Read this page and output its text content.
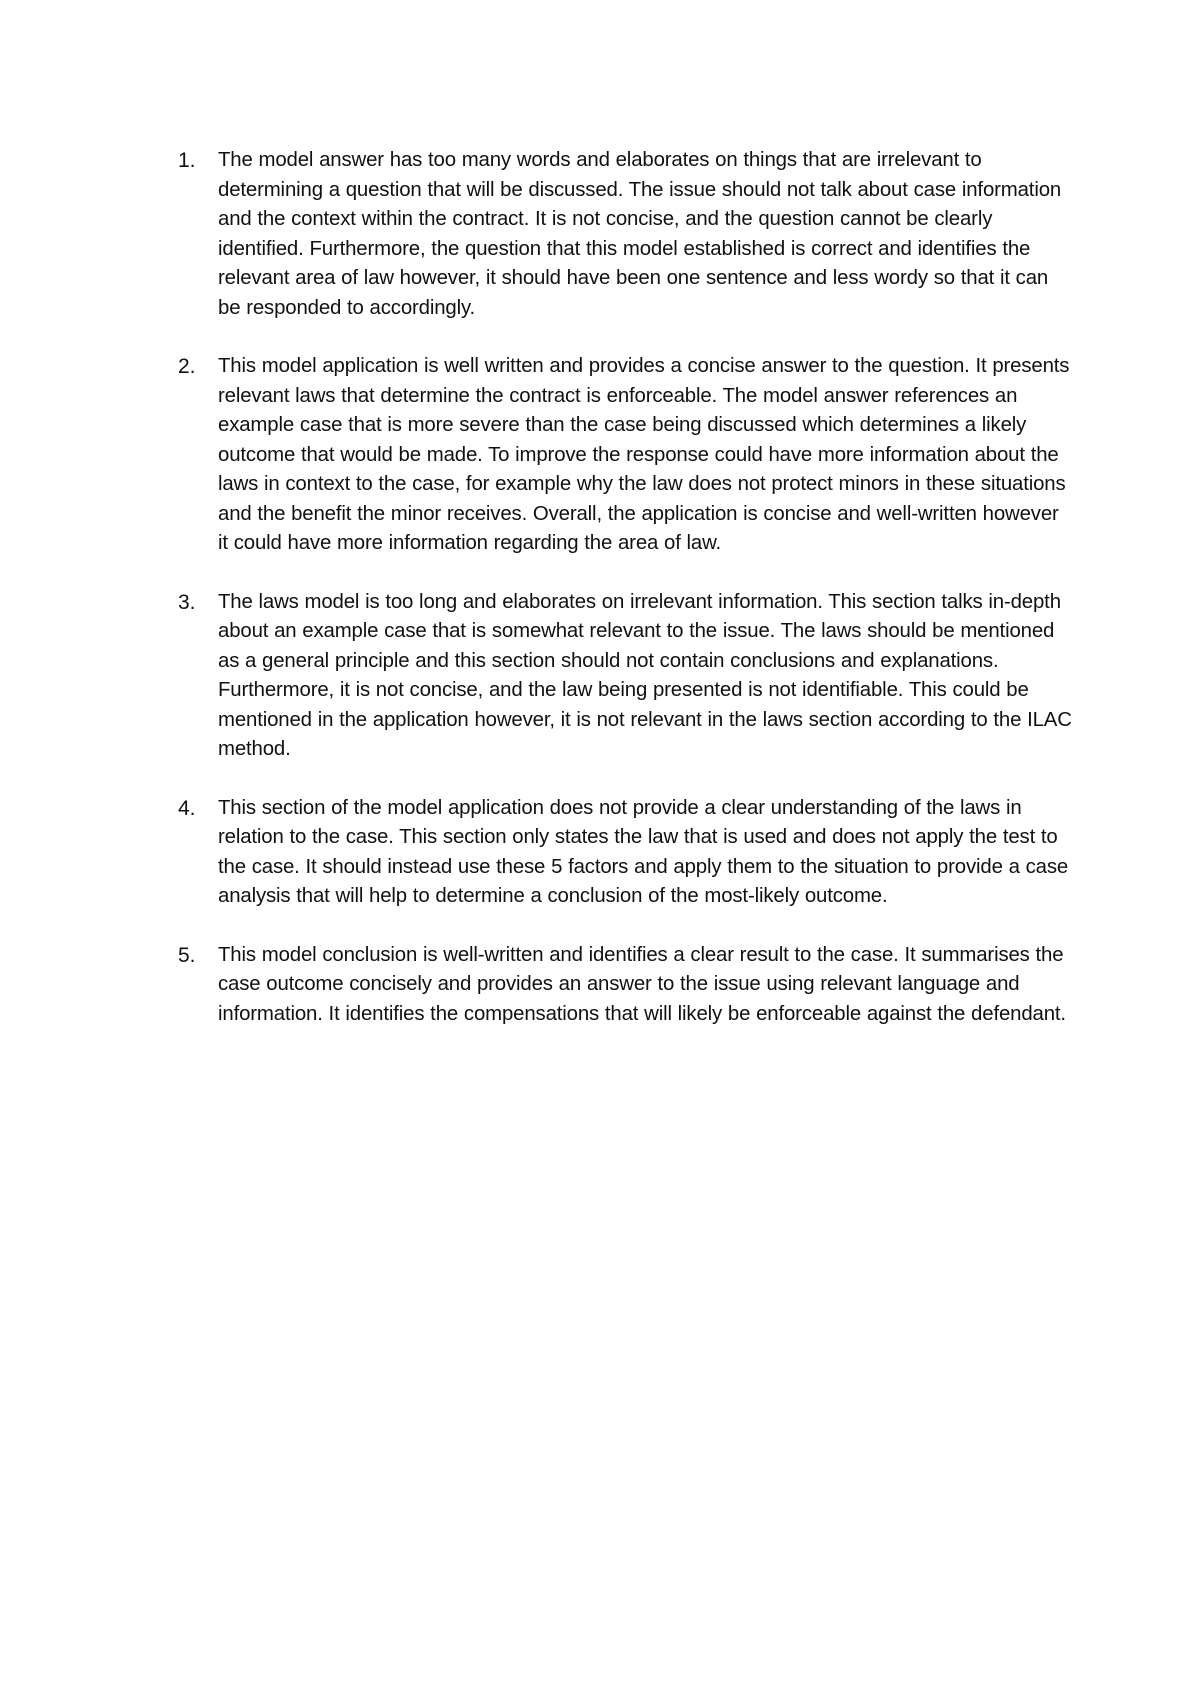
1.	The model answer has too many words and elaborates on things that are irrelevant to determining a question that will be discussed. The issue should not talk about case information and the context within the contract. It is not concise, and the question cannot be clearly identified. Furthermore, the question that this model established is correct and identifies the relevant area of law however, it should have been one sentence and less wordy so that it can be responded to accordingly.
2.	This model application is well written and provides a concise answer to the question. It presents relevant laws that determine the contract is enforceable. The model answer references an example case that is more severe than the case being discussed which determines a likely outcome that would be made. To improve the response could have more information about the laws in context to the case, for example why the law does not protect minors in these situations and the benefit the minor receives. Overall, the application is concise and well-written however it could have more information regarding the area of law.
3.	The laws model is too long and elaborates on irrelevant information. This section talks in-depth about an example case that is somewhat relevant to the issue. The laws should be mentioned as a general principle and this section should not contain conclusions and explanations. Furthermore, it is not concise, and the law being presented is not identifiable. This could be mentioned in the application however, it is not relevant in the laws section according to the ILAC method.
4.	This section of the model application does not provide a clear understanding of the laws in relation to the case. This section only states the law that is used and does not apply the test to the case. It should instead use these 5 factors and apply them to the situation to provide a case analysis that will help to determine a conclusion of the most-likely outcome.
5.	This model conclusion is well-written and identifies a clear result to the case. It summarises the case outcome concisely and provides an answer to the issue using relevant language and information. It identifies the compensations that will likely be enforceable against the defendant.
